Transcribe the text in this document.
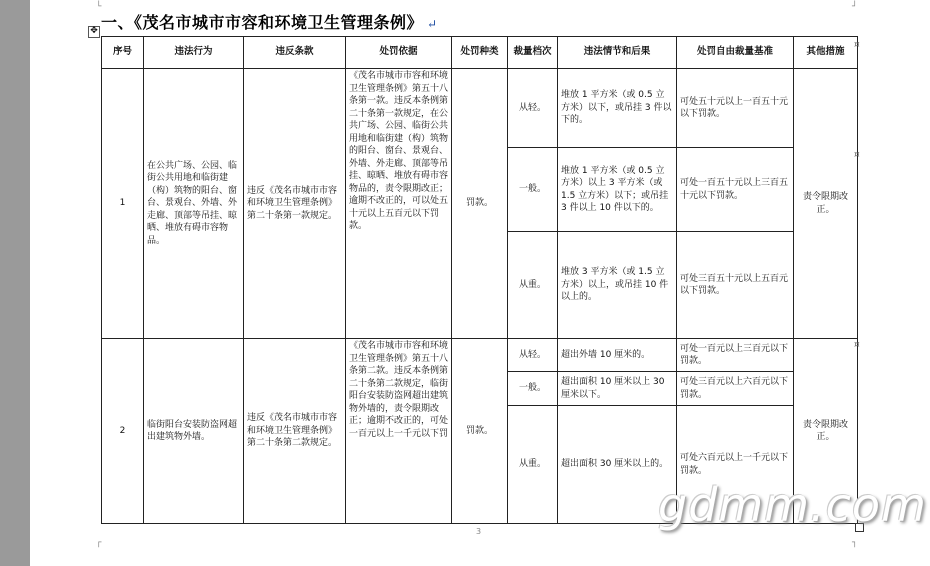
└	┘
┌	┐
✥ 一、《茂名市城市市容和环境卫生管理条例》 ↵
序号	违法行为	违反条款	处罚依据	处罚种类	裁量档次	违法情节和后果	处罚自由裁量基准	其他措施
1	在公共广场、公园、临街公共用地和临街建（构）筑物的阳台、窗台、景观台、外墙、外走廊、顶部等吊挂、晾晒、堆放有碍市容物品。	违反《茂名市城市市容和环境卫生管理条例》第二十条第一款规定。	《茂名市城市市容和环境卫生管理条例》第五十八条第一款。违反本条例第二十条第一款规定，在公共广场、公园、临街公共用地和临街建（构）筑物的阳台、窗台、景观台、外墙、外走廊、顶部等吊挂、晾晒、堆放有碍市容物品的，责令限期改正；逾期不改正的，可以处五十元以上五百元以下罚款。	罚款。	从轻。	堆放 1 平方米（或 0.5 立方米）以下，或吊挂 3 件以下的。	可处五十元以上一百五十元以下罚款。	责令限期改正。
					一般。	堆放 1 平方米（或 0.5 立方米）以上 3 平方米（或 1.5 立方米）以下；或吊挂 3 件以上 10 件以下的。	可处一百五十元以上三百五十元以下罚款。	
					从重。	堆放 3 平方米（或 1.5 立方米）以上，或吊挂 10 件以上的。	可处三百五十元以上五百元以下罚款。	
2	临街阳台安装防盗网超出建筑物外墙。	违反《茂名市城市市容和环境卫生管理条例》第二十条第二款规定。	《茂名市城市市容和环境卫生管理条例》第五十八条第二款。违反本条例第二十条第二款规定，临街阳台安装防盗网超出建筑物外墙的，责令限期改正；逾期不改正的，可处一百元以上一千元以下罚	罚款。	从轻。	超出外墙 10 厘米的。	可处一百元以上三百元以下罚款。	责令限期改正。
					一般。	超出面积 10 厘米以上 30 厘米以下。	可处三百元以上六百元以下罚款。	
					从重。	超出面积 30 厘米以上的。	可处六百元以上一千元以下罚款。	
¤
¤
¤
3	gdmm.com
